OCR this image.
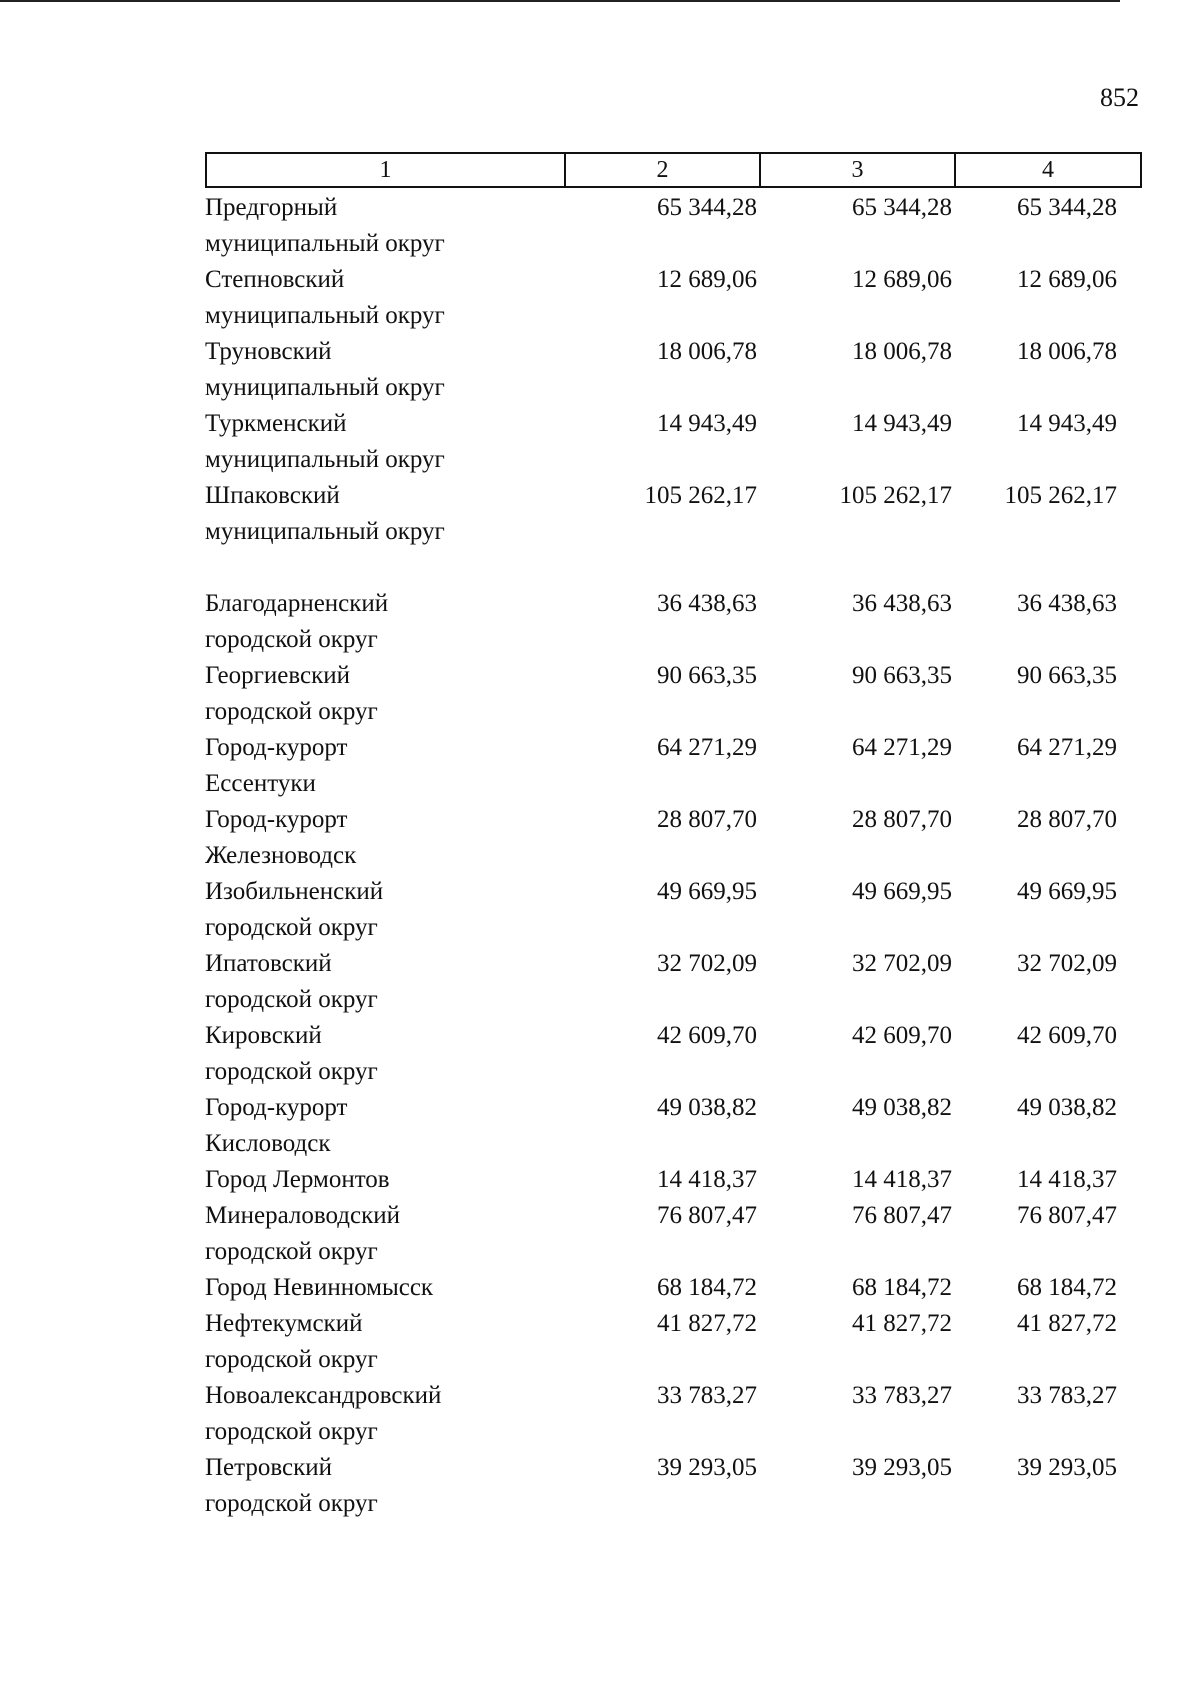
852
1	2	3	4
Предгорный
муниципальный округ
65 344,28	65 344,28	65 344,28
Степновский
муниципальный округ
12 689,06	12 689,06	12 689,06
Труновский
муниципальный округ
18 006,78	18 006,78	18 006,78
Туркменский
муниципальный округ
14 943,49	14 943,49	14 943,49
Шпаковский
муниципальный округ
105 262,17	105 262,17	105 262,17
Благодарненский
городской округ
36 438,63	36 438,63	36 438,63
Георгиевский
городской округ
90 663,35	90 663,35	90 663,35
Город-курорт
Ессентуки
64 271,29	64 271,29	64 271,29
Город-курорт
Железноводск
28 807,70	28 807,70	28 807,70
Изобильненский
городской округ
49 669,95	49 669,95	49 669,95
Ипатовский
городской округ
32 702,09	32 702,09	32 702,09
Кировский
городской округ
42 609,70	42 609,70	42 609,70
Город-курорт
Кисловодск
49 038,82	49 038,82	49 038,82
Город Лермонтов	14 418,37	14 418,37	14 418,37
Минераловодский
городской округ
76 807,47	76 807,47	76 807,47
Город Невинномысск	68 184,72	68 184,72	68 184,72
Нефтекумский
городской округ
41 827,72	41 827,72	41 827,72
Новоалександровский
городской округ
33 783,27	33 783,27	33 783,27
Петровский
городской округ
39 293,05	39 293,05	39 293,05
